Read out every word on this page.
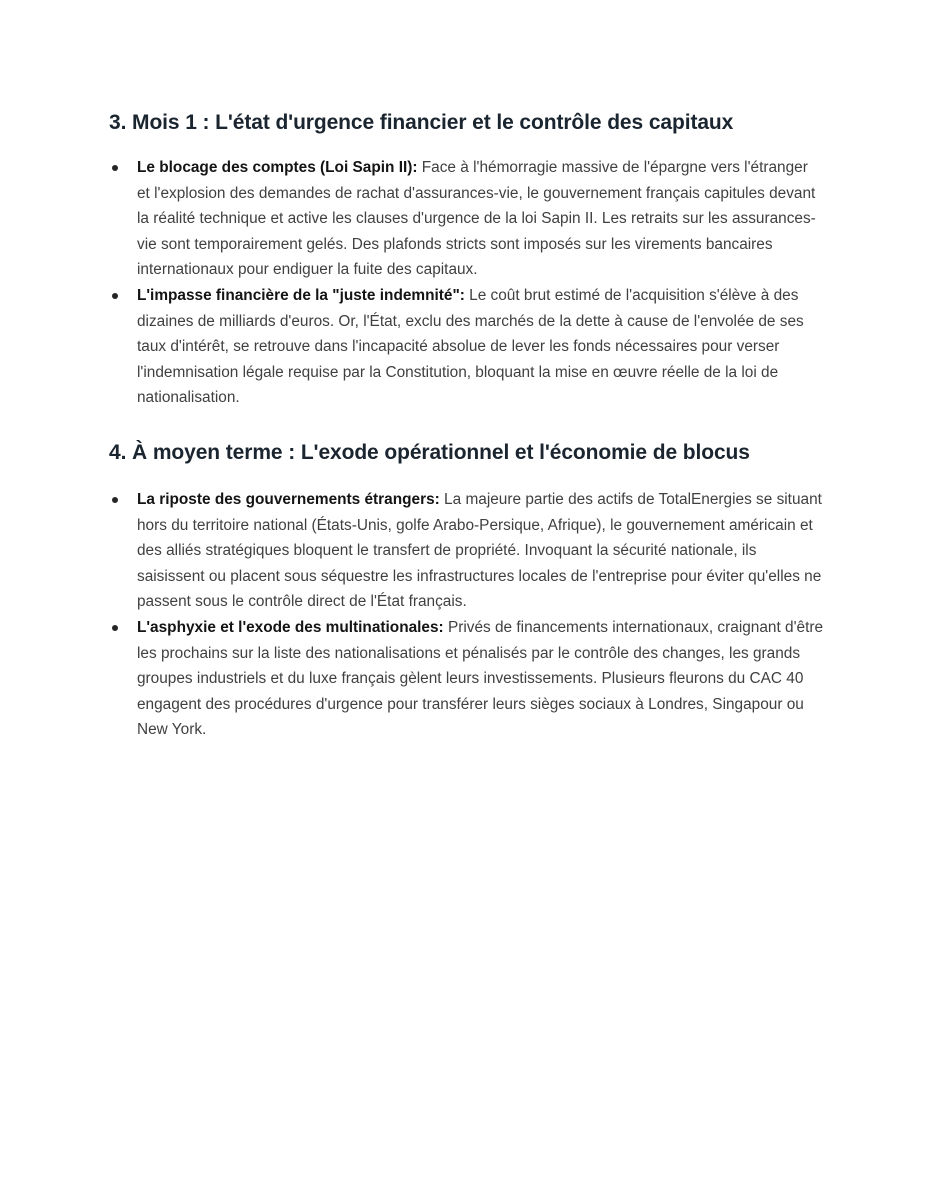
3. Mois 1 : L'état d'urgence financier et le contrôle des capitaux
Le blocage des comptes (Loi Sapin II): Face à l'hémorragie massive de l'épargne vers l'étranger et l'explosion des demandes de rachat d'assurances-vie, le gouvernement français capitules devant la réalité technique et active les clauses d'urgence de la loi Sapin II. Les retraits sur les assurances-vie sont temporairement gelés. Des plafonds stricts sont imposés sur les virements bancaires internationaux pour endiguer la fuite des capitaux.
L'impasse financière de la "juste indemnité": Le coût brut estimé de l'acquisition s'élève à des dizaines de milliards d'euros. Or, l'État, exclu des marchés de la dette à cause de l'envolée de ses taux d'intérêt, se retrouve dans l'incapacité absolue de lever les fonds nécessaires pour verser l'indemnisation légale requise par la Constitution, bloquant la mise en œuvre réelle de la loi de nationalisation.
4. À moyen terme : L'exode opérationnel et l'économie de blocus
La riposte des gouvernements étrangers: La majeure partie des actifs de TotalEnergies se situant hors du territoire national (États-Unis, golfe Arabo-Persique, Afrique), le gouvernement américain et des alliés stratégiques bloquent le transfert de propriété. Invoquant la sécurité nationale, ils saisissent ou placent sous séquestre les infrastructures locales de l'entreprise pour éviter qu'elles ne passent sous le contrôle direct de l'État français.
L'asphyxie et l'exode des multinationales: Privés de financements internationaux, craignant d'être les prochains sur la liste des nationalisations et pénalisés par le contrôle des changes, les grands groupes industriels et du luxe français gèlent leurs investissements. Plusieurs fleurons du CAC 40 engagent des procédures d'urgence pour transférer leurs sièges sociaux à Londres, Singapour ou New York.
